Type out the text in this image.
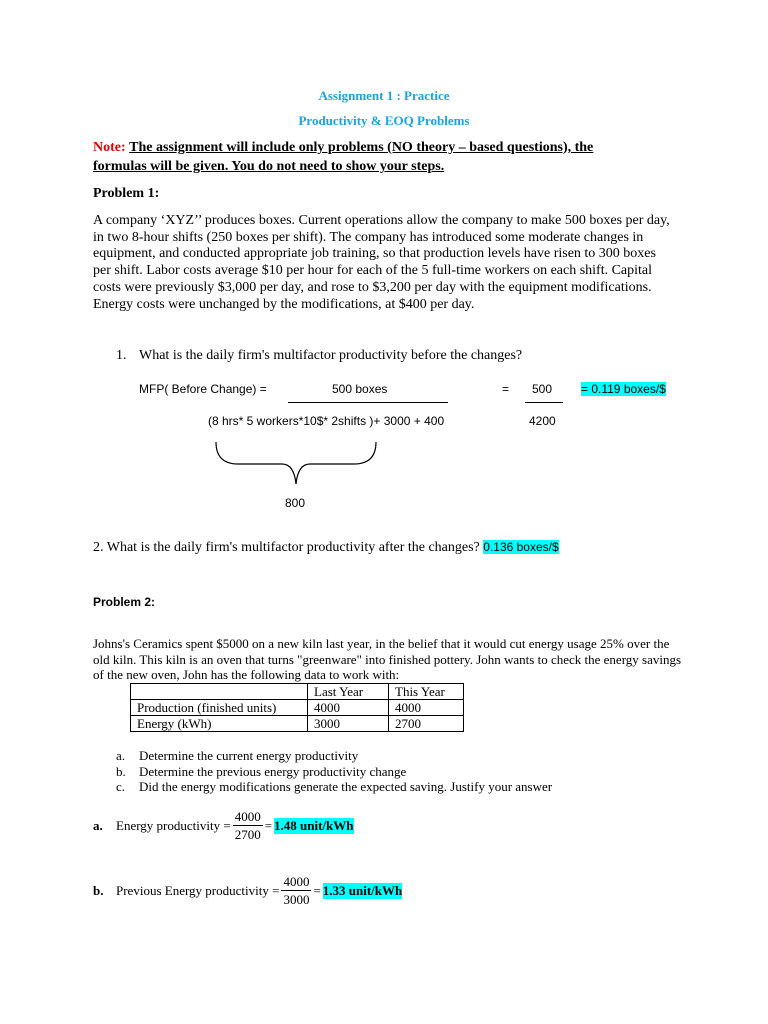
Assignment 1 : Practice
Productivity & EOQ Problems
Note: The assignment will include only problems (NO theory – based questions), the
formulas will be given. You do not need to show your steps.
Problem 1:
A company ‘XYZ’’ produces boxes. Current operations allow the company to make 500 boxes per day, in two 8-hour shifts (250 boxes per shift). The company has introduced some moderate changes in equipment, and conducted appropriate job training, so that production levels have risen to 300 boxes per shift. Labor costs average $10 per hour for each of the 5 full-time workers on each shift. Capital costs were previously $3,000 per day, and rose to $3,200 per day with the equipment modifications. Energy costs were unchanged by the modifications, at $400 per day.
1. What is the daily firm's multifactor productivity before the changes?
MFP( Before Change) =	500 boxes	= 500 = 0.119 boxes/$
(8 hrs* 5 workers*10$* 2shifts )+ 3000 + 400	4200
800
2. What is the daily firm's multifactor productivity after the changes? 0.136 boxes/$
Problem 2:
Johns's Ceramics spent $5000 on a new kiln last year, in the belief that it would cut energy usage 25% over the old kiln. This kiln is an oven that turns "greenware" into finished pottery. John wants to check the energy savings of the new oven, John has the following data to work with:
	Last Year	This Year
Production (finished units)	4000	4000
Energy (kWh)	3000	2700
a. Determine the current energy productivity
b. Determine the previous energy productivity change
c. Did the energy modifications generate the expected saving. Justify your answer
a.	Energy productivity = $\frac{4000}{2700} = 1.48$ unit/kWh
b. Previous Energy productivity = $\frac{4000}{3000} = 1.33$ unit/kWh
